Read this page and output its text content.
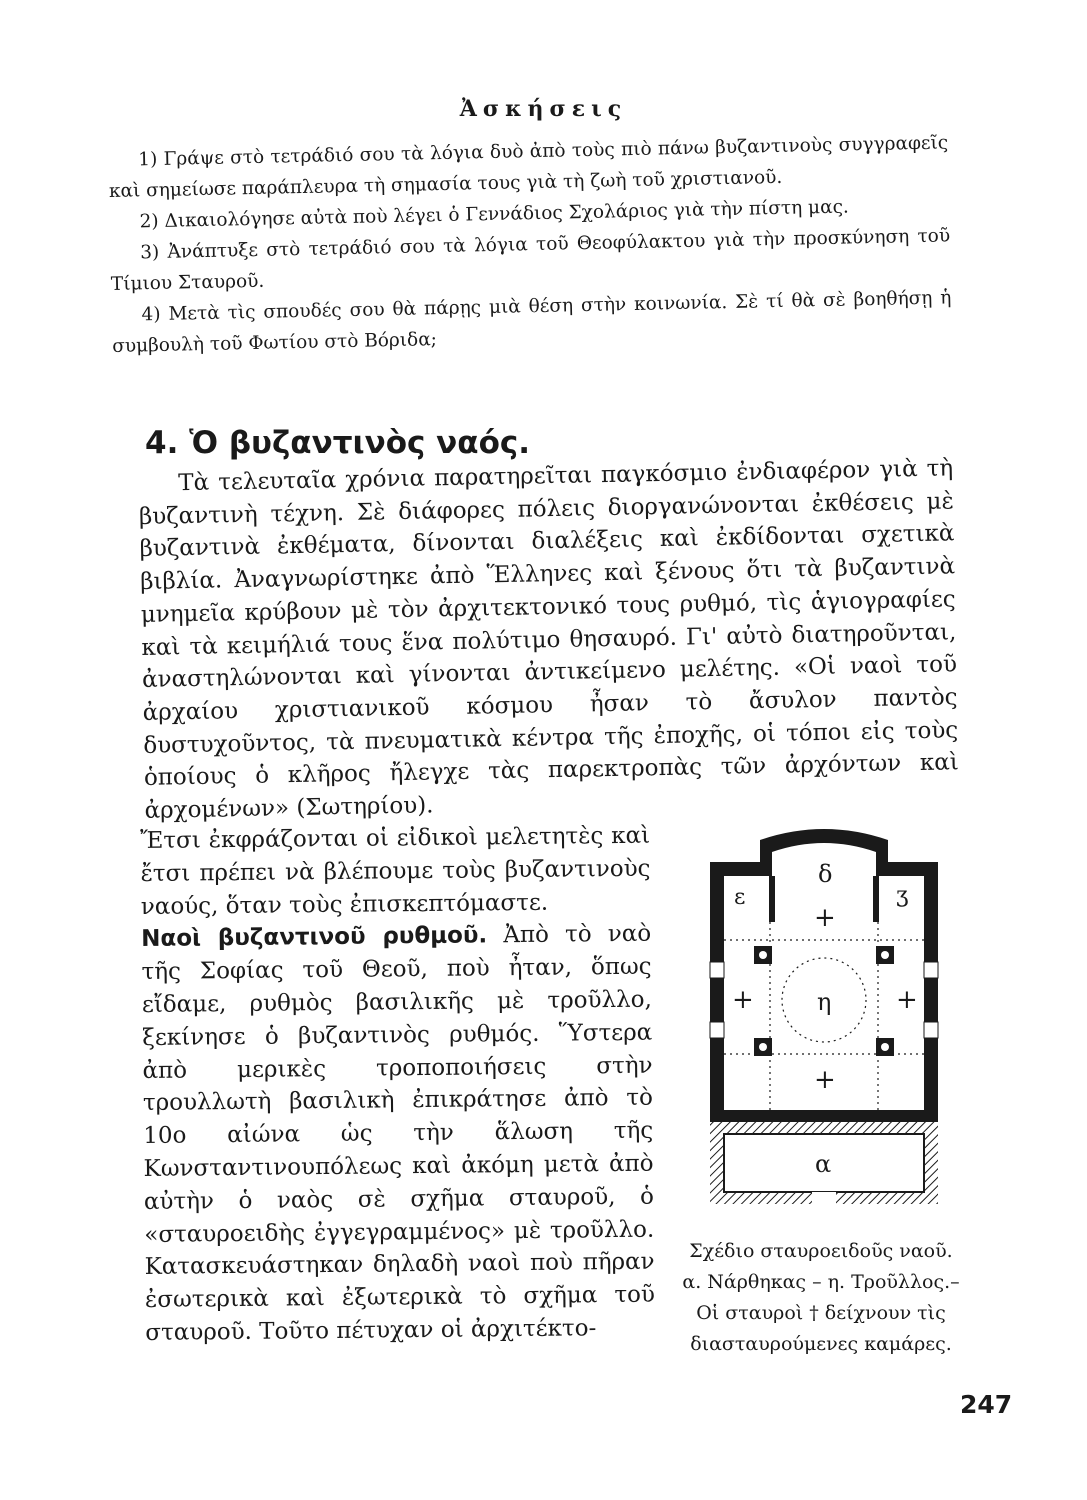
Ἀσκήσεις

1) Γράψε στὸ τετράδιό σου τὰ λόγια δυὸ ἀπὸ τοὺς πιὸ πάνω βυζαντινοὺς συγγραφεῖς καὶ σημείωσε παράπλευρα τὴ σημασία τους γιὰ τὴ ζωὴ τοῦ χριστιανοῦ.

2) Δικαιολόγησε αὐτὰ ποὺ λέγει ὁ Γεννάδιος Σχολάριος γιὰ τὴν πίστη μας.

3) Ἀνάπτυξε στὸ τετράδιό σου τὰ λόγια τοῦ Θεοφύλακτου γιὰ τὴν προσκύνηση τοῦ Τίμιου Σταυροῦ.

4) Μετὰ τὶς σπουδές σου θὰ πάρῃς μιὰ θέση στὴν κοινωνία. Σὲ τί θὰ σὲ βοηθήσῃ ἡ συμβουλὴ τοῦ Φωτίου στὸ Βόριδα;

4. Ὁ βυζαντινὸς ναός.

Τὰ τελευταῖα χρόνια παρατηρεῖται παγκόσμιο ἐνδιαφέρον γιὰ τὴ βυζαντινὴ τέχνη. Σὲ διάφορες πόλεις διοργανώνονται ἐκθέσεις μὲ βυζαντινὰ ἐκθέματα, δίνονται διαλέξεις καὶ ἐκδίδονται σχετικὰ βιβλία. Ἀναγνωρίστηκε ἀπὸ Ἕλληνες καὶ ξένους ὅτι τὰ βυζαντινὰ μνημεῖα κρύβουν μὲ τὸν ἀρχιτεκτονικό τους ρυθμό, τὶς ἁγιογραφίες καὶ τὰ κειμήλιά τους ἕνα πολύτιμο θησαυρό. Γι' αὐτὸ διατηροῦνται, ἀναστηλώνονται καὶ γίνονται ἀντικείμενο μελέτης. «Οἱ ναοὶ τοῦ ἀρχαίου χριστιανικοῦ κόσμου ἦσαν τὸ ἄσυλον παντὸς δυστυχοῦντος, τὰ πνευματικὰ κέντρα τῆς ἐποχῆς, οἱ τόποι εἰς τοὺς ὁποίους ὁ κλῆρος ἤλεγχε τὰς παρεκτροπὰς τῶν ἀρχόντων καὶ ἀρχομένων» (Σωτηρίου).

Ἔτσι ἐκφράζονται οἱ εἰδικοὶ μελετητὲς καὶ ἔτσι πρέπει νὰ βλέπουμε τοὺς βυζαντινοὺς ναούς, ὅταν τοὺς ἐπισκεπτόμαστε.

Ναοὶ βυζαντινοῦ ρυθμοῦ. Ἀπὸ τὸ ναὸ τῆς Σοφίας τοῦ Θεοῦ, ποὺ ἦταν, ὅπως εἴδαμε, ρυθμὸς βασιλικῆς μὲ τροῦλλο, ξεκίνησε ὁ βυζαντινὸς ρυθμός. Ὕστερα ἀπὸ μερικὲς τροποποιήσεις στὴν τρουλλωτὴ βασιλικὴ ἐπικράτησε ἀπὸ τὸ 10ο αἰώνα ὡς τὴν ἅλωση τῆς Κωνσταντινουπόλεως καὶ ἀκόμη μετὰ ἀπὸ αὐτὴν ὁ ναὸς σὲ σχῆμα σταυροῦ, ὁ «σταυροειδὴς ἐγγεγραμμένος» μὲ τροῦλλο. Κατασκευάστηκαν δηλαδὴ ναοὶ ποὺ πῆραν ἐσωτερικὰ καὶ ἐξωτερικὰ τὸ σχῆμα τοῦ σταυροῦ. Τοῦτο πέτυχαν οἱ ἀρχιτέκτο-

δ
ε	ʒ
η
α
+
+	+
+

Σχέδιο σταυροειδοῦς ναοῦ.

α. Νάρθηκας – η. Τροῦλλος.–

Οἱ σταυροὶ † δείχνουν τὶς

διασταυρούμενες καμάρες.

247
